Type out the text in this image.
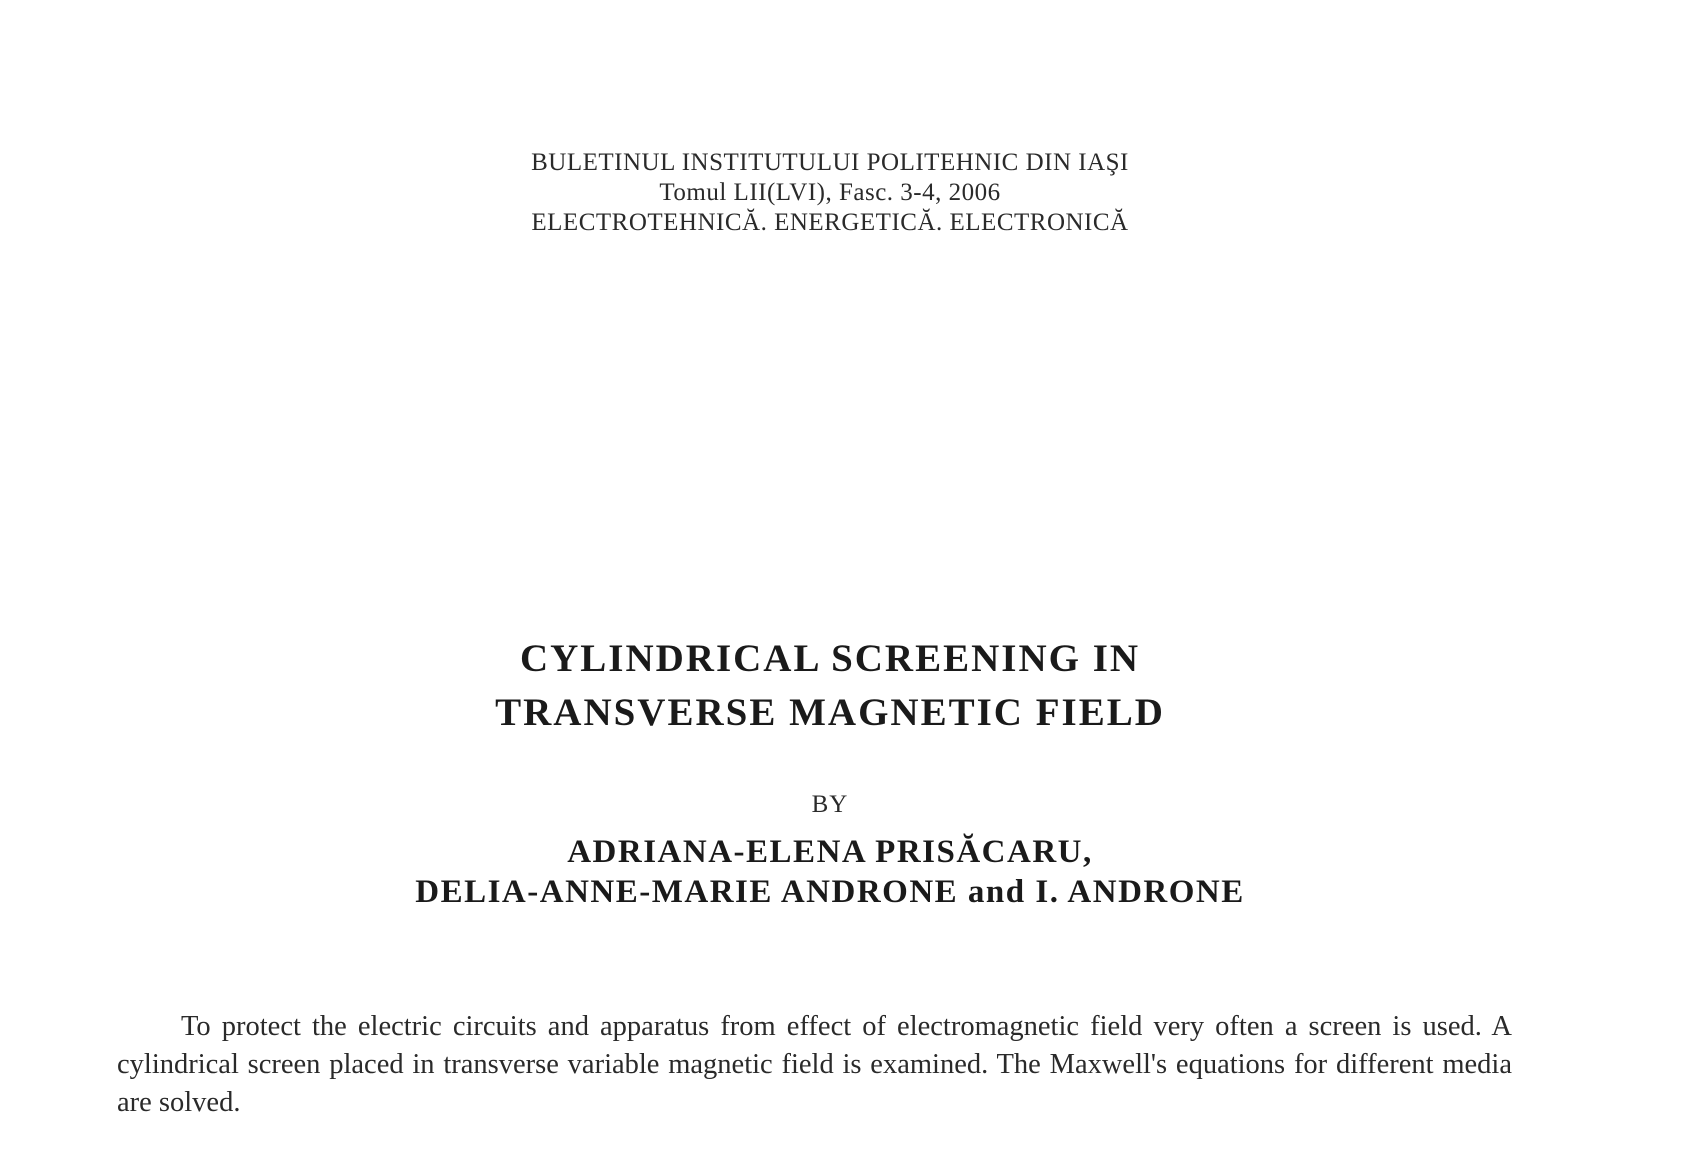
BULETINUL INSTITUTULUI POLITEHNIC DIN IAŞI
Tomul LII(LVI), Fasc. 3-4, 2006
ELECTROTEHNICĂ. ENERGETICĂ. ELECTRONICĂ
CYLINDRICAL SCREENING IN
TRANSVERSE MAGNETIC FIELD
BY
ADRIANA-ELENA PRISĂCARU,
DELIA-ANNE-MARIE ANDRONE and I. ANDRONE
To protect the electric circuits and apparatus from effect of electromagnetic field very often a screen is used. A cylindrical screen placed in transverse variable magnetic field is examined. The Maxwell's equations for different media are solved.
